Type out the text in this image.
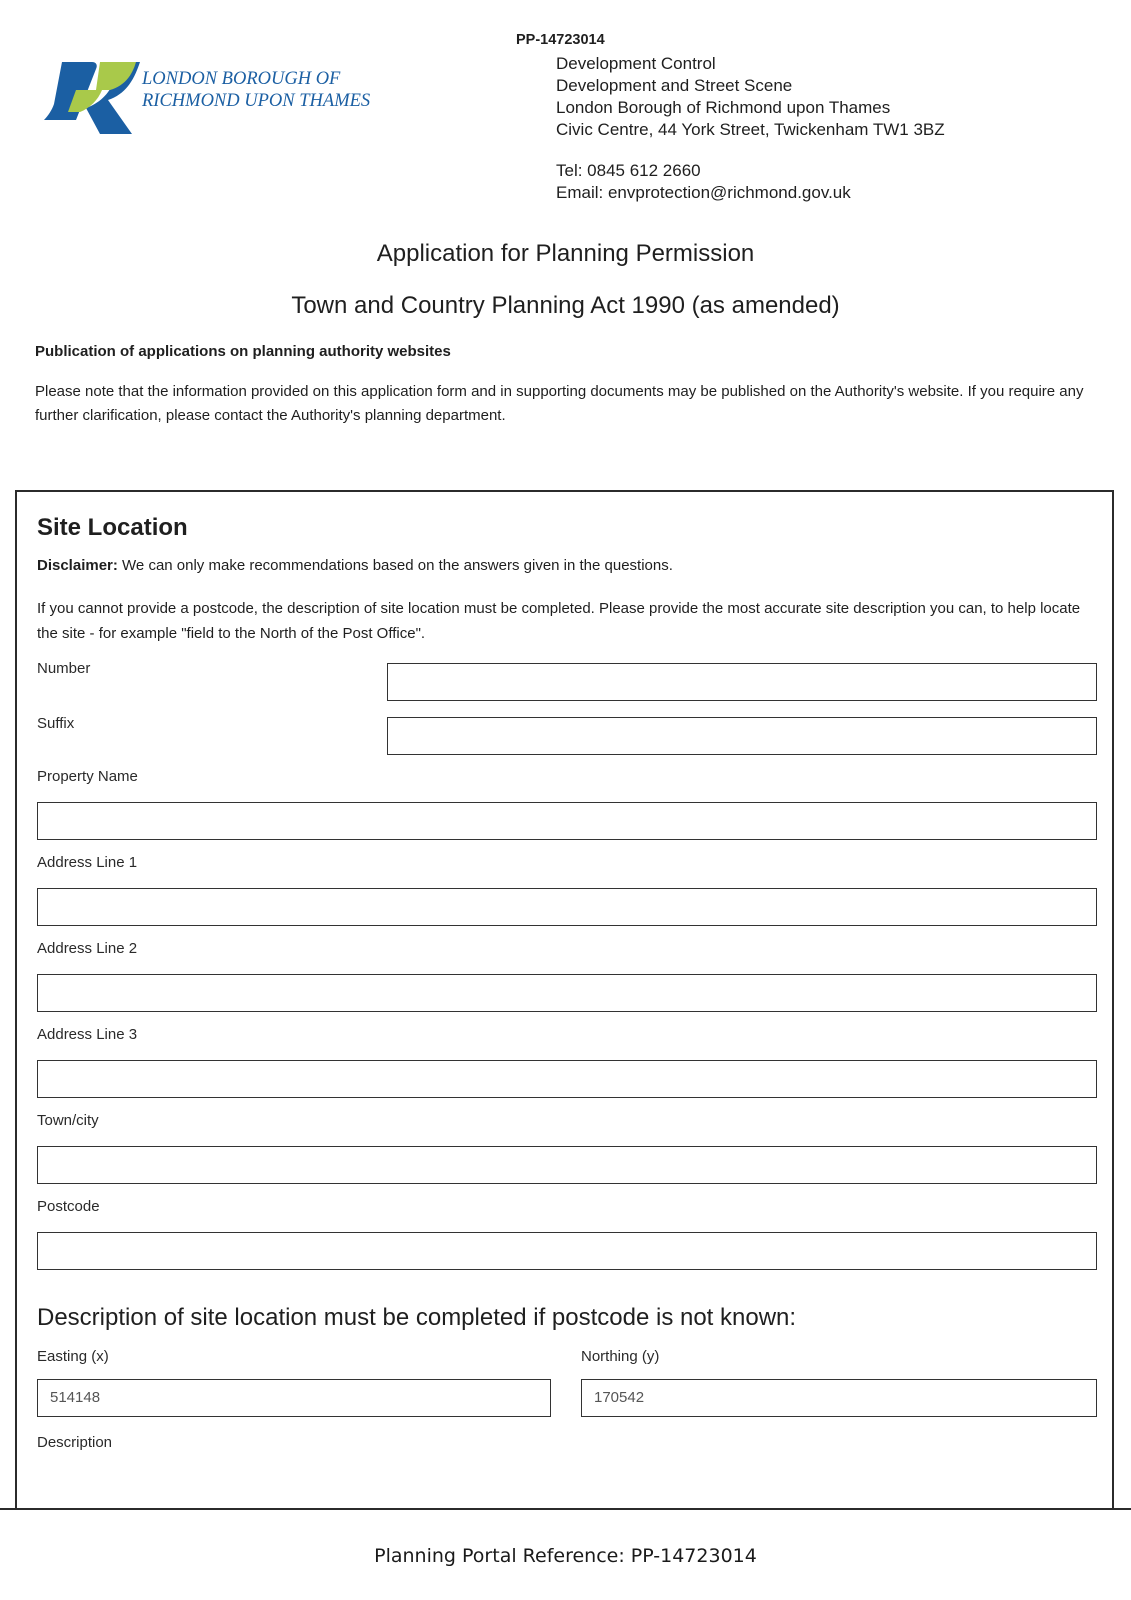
LONDON BOROUGH OF
RICHMOND UPON THAMES
PP-14723014
Development Control
Development and Street Scene
London Borough of Richmond upon Thames
Civic Centre, 44 York Street, Twickenham TW1 3BZ
Tel: 0845 612 2660
Email: envprotection@richmond.gov.uk
Application for Planning Permission
Town and Country Planning Act 1990 (as amended)
Publication of applications on planning authority websites
Please note that the information provided on this application form and in supporting documents may be published on the Authority's website. If you require any further clarification, please contact the Authority's planning department.
Site Location
Disclaimer: We can only make recommendations based on the answers given in the questions.
If you cannot provide a postcode, the description of site location must be completed. Please provide the most accurate site description you can, to help locate the site - for example "field to the North of the Post Office".
Number
Suffix
Property Name
Address Line 1
Address Line 2
Address Line 3
Town/city
Postcode
Description of site location must be completed if postcode is not known:
Easting (x)
514148
Northing (y)
170542
Description
Planning Portal Reference: PP-14723014
